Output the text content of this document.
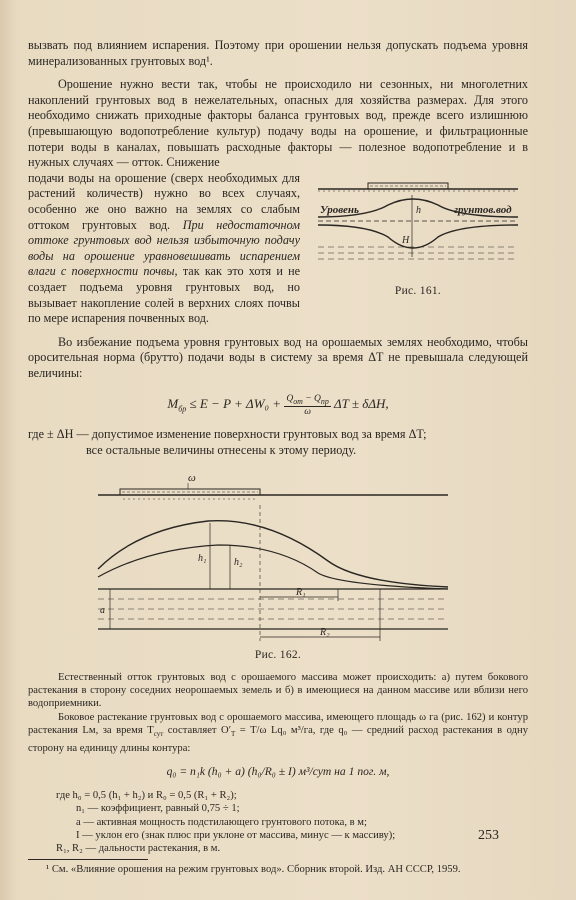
вызвать под влиянием испарения. Поэтому при орошении нельзя допускать подъема уровня минерализованных грунтовых вод¹.

Орошение нужно вести так, чтобы не происходило ни сезонных, ни многолетних накоплений грунтовых вод в нежелательных, опасных для хозяйства размерах. Для этого необходимо снижать приходные факторы баланса грунтовых вод, прежде всего излишнюю (превышающую водопотребление культур) подачу воды на орошение, и фильтрационные потери воды в каналах, повышать расходные факторы — полезное водопотребление и в нужных случаях — отток. Снижение

h
H
Уровень	грунтов.вод
Рис. 161.

подачи воды на орошение (сверх необходимых для растений количеств) нужно во всех случаях, особенно же оно важно на землях со слабым оттоком грунтовых вод. При недостаточном оттоке грунтовых вод нельзя избыточную подачу воды на орошение уравновешивать испарением влаги с поверхности почвы, так как это хотя и не создает подъема уровня грунтовых вод, но вызывает накопление солей в верхних слоях почвы по мере испарения почвенных вод.

Во избежание подъема уровня грунтовых вод на орошаемых землях необходимо, чтобы оросительная норма (брутто) подачи воды в систему за время ΔT не превышала следующей величины:

$M_{бр} \le E - P + \Delta W_0 + \frac{Q_{от} - Q_{пр}}{\omega}$ ΔT ± δΔH,

где ± ΔH — допустимое изменение поверхности грунтовых вод за время ΔT;

все остальные величины отнесены к этому периоду.

ω
h₁	h₂
a
R₁
R₂
Рис. 162.

Естественный отток грунтовых вод с орошаемого массива может происходить: а) путем бокового растекания в сторону соседних неорошаемых земель и б) в имеющиеся на данном массиве или вблизи него водоприемники.

Боковое растекание грунтовых вод с орошаемого массива, имеющего площадь ω га (рис. 162) и контур растекания Lм, за время $T_{сут}$ составляет $O'_T = T/\omega$ Lq₀ м³/га, где q₀ — средний расход растекания в одну сторону на единицу длины контура:

q₀ = n₁k (h₀ + a) (h₀/R₀ ± I) м³/сут на 1 пог. м,
где h₀ = 0,5 (h₁ + h₂) и R₀ = 0,5 (R₁ + R₂);
n₁ — коэффициент, равный 0,75 ÷ 1;
a — активная мощность подстилающего грунтового потока, в м;
I — уклон его (знак плюс при уклоне от массива, минус — к массиву);
R₁, R₂ — дальности растекания, в м.

¹ См. «Влияние орошения на режим грунтовых вод». Сборник второй. Изд. АН СССР, 1959.

253
